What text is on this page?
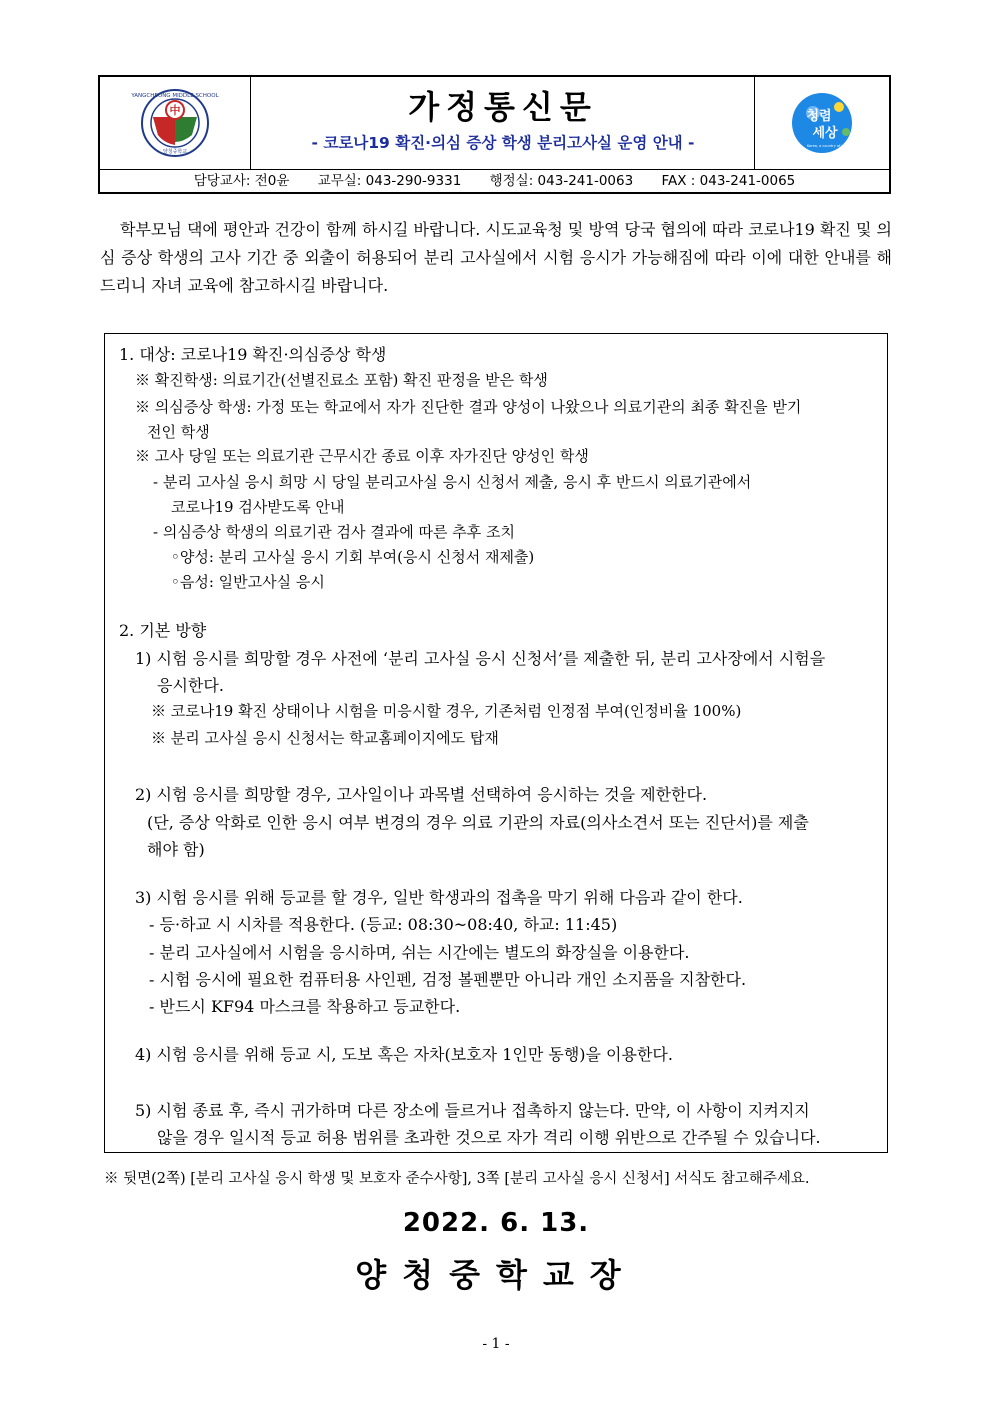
中
YANGCHEONG MIDDLE SCHOOL
양청중학교
가정통신문
- 코로나19 확진·의심 증상 학생 분리고사실 운영 안내 -
청렴
세상
Korea, a country of integrity
담당교사: 전0윤 교무실: 043-290-9331 행정실: 043-241-0063 FAX : 043-241-0065
학부모님 댁에 평안과 건강이 함께 하시길 바랍니다. 시도교육청 및 방역 당국 협의에 따라 코로나19 확진 및 의심 증상 학생의 고사 기간 중 외출이 허용되어 분리 고사실에서 시험 응시가 가능해짐에 따라 이에 대한 안내를 해드리니 자녀 교육에 참고하시길 바랍니다.
1. 대상: 코로나19 확진·의심증상 학생
※ 확진학생: 의료기간(선별진료소 포함) 확진 판정을 받은 학생
※ 의심증상 학생: 가정 또는 학교에서 자가 진단한 결과 양성이 나왔으나 의료기관의 최종 확진을 받기
전인 학생
※ 고사 당일 또는 의료기관 근무시간 종료 이후 자가진단 양성인 학생
- 분리 고사실 응시 희망 시 당일 분리고사실 응시 신청서 제출, 응시 후 반드시 의료기관에서
코로나19 검사받도록 안내
- 의심증상 학생의 의료기관 검사 결과에 따른 추후 조치
◦양성: 분리 고사실 응시 기회 부여(응시 신청서 재제출)
◦음성: 일반고사실 응시
2. 기본 방향
1) 시험 응시를 희망할 경우 사전에 ‘분리 고사실 응시 신청서’를 제출한 뒤, 분리 고사장에서 시험을
응시한다.
※ 코로나19 확진 상태이나 시험을 미응시할 경우, 기존처럼 인정점 부여(인정비율 100%)
※ 분리 고사실 응시 신청서는 학교홈페이지에도 탑재
2) 시험 응시를 희망할 경우, 고사일이나 과목별 선택하여 응시하는 것을 제한한다.
(단, 증상 악화로 인한 응시 여부 변경의 경우 의료 기관의 자료(의사소견서 또는 진단서)를 제출
해야 함)
3) 시험 응시를 위해 등교를 할 경우, 일반 학생과의 접촉을 막기 위해 다음과 같이 한다.
- 등·하교 시 시차를 적용한다. (등교: 08:30~08:40, 하교: 11:45)
- 분리 고사실에서 시험을 응시하며, 쉬는 시간에는 별도의 화장실을 이용한다.
- 시험 응시에 필요한 컴퓨터용 사인펜, 검정 볼펜뿐만 아니라 개인 소지품을 지참한다.
- 반드시 KF94 마스크를 착용하고 등교한다.
4) 시험 응시를 위해 등교 시, 도보 혹은 자차(보호자 1인만 동행)을 이용한다.
5) 시험 종료 후, 즉시 귀가하며 다른 장소에 들르거나 접촉하지 않는다. 만약, 이 사항이 지켜지지
않을 경우 일시적 등교 허용 범위를 초과한 것으로 자가 격리 이행 위반으로 간주될 수 있습니다.
※ 뒷면(2쪽) [분리 고사실 응시 학생 및 보호자 준수사항], 3쪽 [분리 고사실 응시 신청서] 서식도 참고해주세요.
2022. 6. 13.
양청중학교장
- 1 -
